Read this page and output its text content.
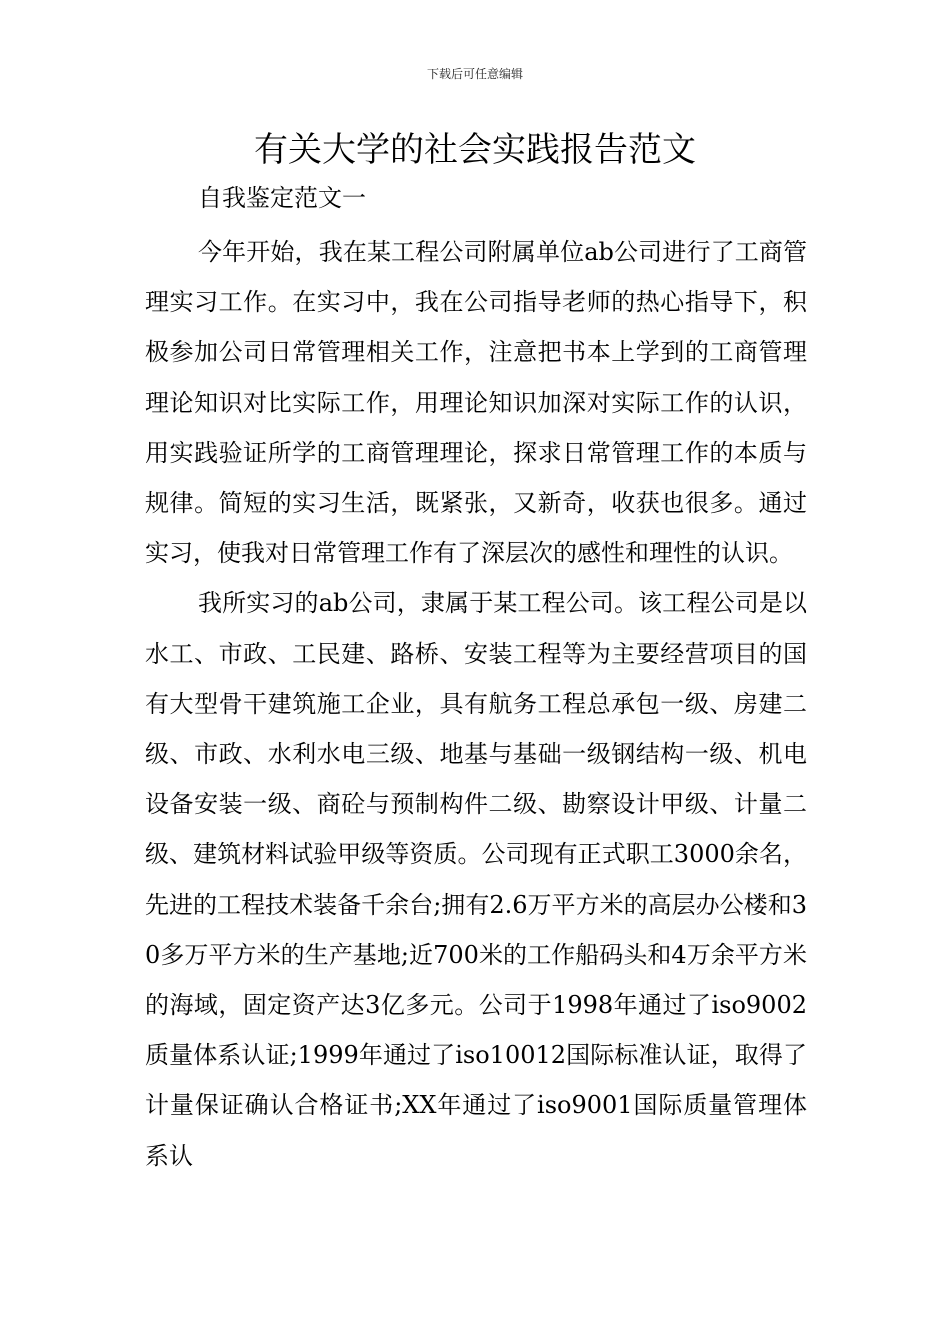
下载后可任意编辑
有关大学的社会实践报告范文
自我鉴定范文一

今年开始，我在某工程公司附属单位ab公司进行了工商管理实习工作。在实习中，我在公司指导老师的热心指导下，积极参加公司日常管理相关工作，注意把书本上学到的工商管理理论知识对比实际工作，用理论知识加深对实际工作的认识，用实践验证所学的工商管理理论，探求日常管理工作的本质与规律。简短的实习生活，既紧张，又新奇，收获也很多。通过实习，使我对日常管理工作有了深层次的感性和理性的认识。

我所实习的ab公司，隶属于某工程公司。该工程公司是以水工、市政、工民建、路桥、安装工程等为主要经营项目的国有大型骨干建筑施工企业，具有航务工程总承包一级、房建二级、市政、水利水电三级、地基与基础一级钢结构一级、机电设备安装一级、商砼与预制构件二级、勘察设计甲级、计量二级、建筑材料试验甲级等资质。公司现有正式职工3000余名，先进的工程技术装备千余台;拥有2.6万平方米的高层办公楼和30多万平方米的生产基地;近700米的工作船码头和4万余平方米的海域，固定资产达3亿多元。公司于1998年通过了iso9002质量体系认证;1999年通过了iso10012国际标准认证，取得了计量保证确认合格证书;XX年通过了iso9001国际质量管理体系认
